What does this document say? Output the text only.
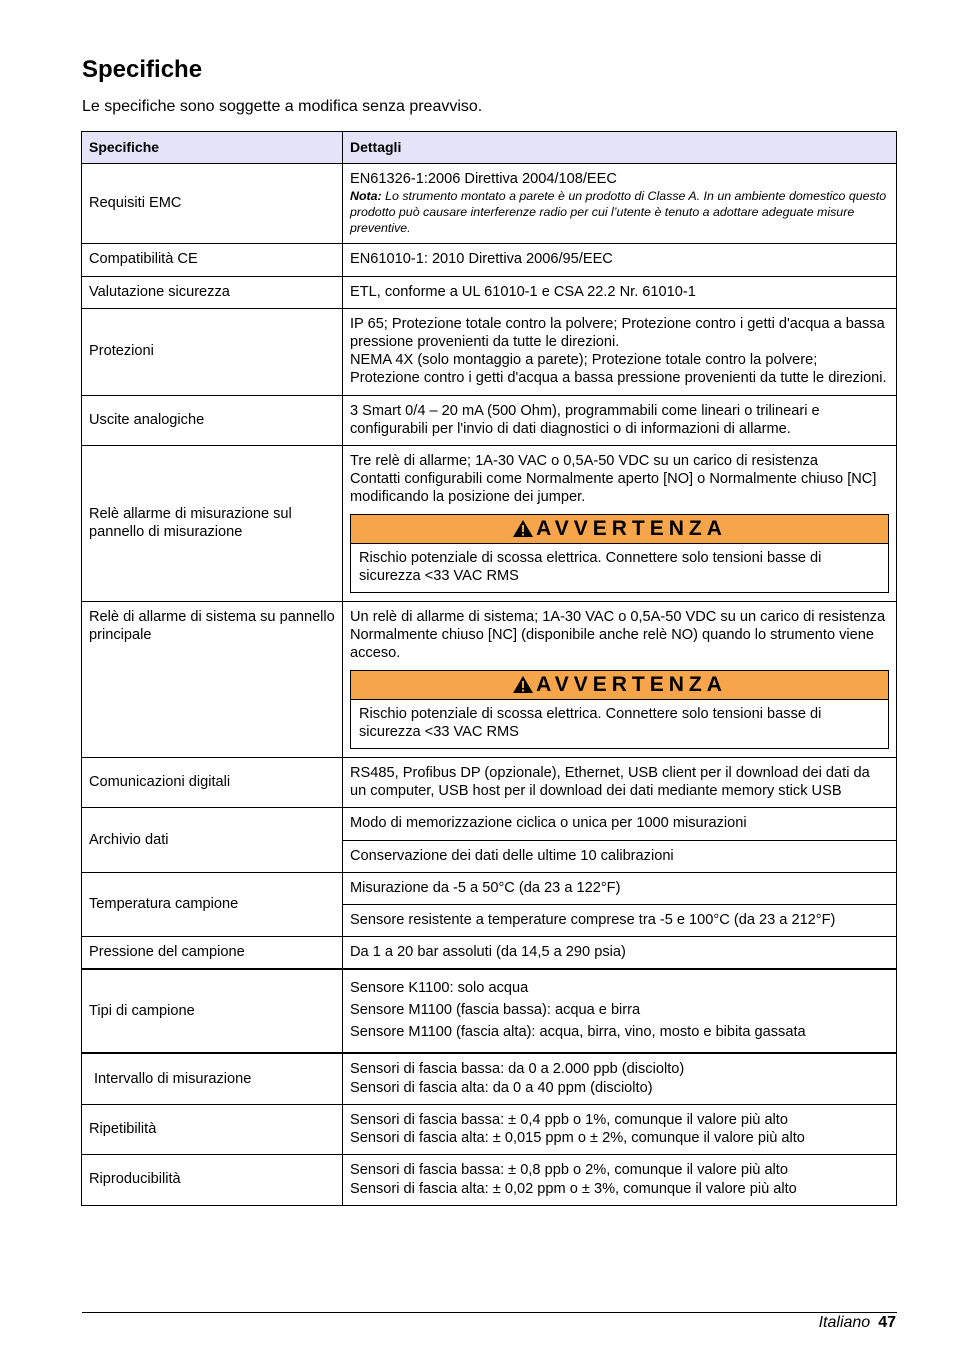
Specifiche
Le specifiche sono soggette a modifica senza preavviso.
Specifiche	Dettagli
Requisiti EMC	EN61326-1:2006 Direttiva 2004/108/EEC
Nota: Lo strumento montato a parete è un prodotto di Classe A. In un ambiente domestico questo prodotto può causare interferenze radio per cui l’utente è tenuto a adottare adeguate misure preventive.

Compatibilità CE	EN61010-1: 2010 Direttiva 2006/95/EEC
Valutazione sicurezza	ETL, conforme a UL 61010-1 e CSA 22.2 Nr. 61010-1
Protezioni	IP 65; Protezione totale contro la polvere; Protezione contro i getti d'acqua a bassa pressione provenienti da tutte le direzioni.
NEMA 4X (solo montaggio a parete); Protezione totale contro la polvere; Protezione contro i getti d'acqua a bassa pressione provenienti da tutte le direzioni.

Uscite analogiche	3 Smart 0/4 – 20 mA (500 Ohm), programmabili come lineari o trilineari e configurabili per l'invio di dati diagnostici o di informazioni di allarme.
Relè allarme di misurazione sul pannello di misurazione	Tre relè di allarme; 1A-30 VAC o 0,5A-50 VDC su un carico di resistenza
Contatti configurabili come Normalmente aperto [NO] o Normalmente chiuso [NC] modificando la posizione dei jumper.
AVVERTENZA
Rischio potenziale di scossa elettrica. Connettere solo tensioni basse di sicurezza <33 VAC RMS

Relè di allarme di sistema su pannello principale	Un relè di allarme di sistema; 1A-30 VAC o 0,5A-50 VDC su un carico di resistenza
Normalmente chiuso [NC] (disponibile anche relè NO) quando lo strumento viene acceso.
AVVERTENZA
Rischio potenziale di scossa elettrica. Connettere solo tensioni basse di sicurezza <33 VAC RMS

Comunicazioni digitali	RS485, Profibus DP (opzionale), Ethernet, USB client per il download dei dati da un computer, USB host per il download dei dati mediante memory stick USB
Archivio dati	Modo di memorizzazione ciclica o unica per 1000 misurazioni
	Conservazione dei dati delle ultime 10 calibrazioni
Temperatura campione	Misurazione da -5 a 50°C (da 23 a 122°F)
	Sensore resistente a temperature comprese tra -5 e 100°C (da 23 a 212°F)
Pressione del campione	Da 1 a 20 bar assoluti (da 14,5 a 290 psia)
Tipi di campione	Sensore K1100: solo acqua
Sensore M1100 (fascia bassa): acqua e birra
Sensore M1100 (fascia alta): acqua, birra, vino, mosto e bibita gassata

Intervallo di misurazione	Sensori di fascia bassa: da 0 a 2.000 ppb (disciolto)
Sensori di fascia alta: da 0 a 40 ppm (disciolto)

Ripetibilità	Sensori di fascia bassa: ± 0,4 ppb o 1%, comunque il valore più alto
Sensori di fascia alta: ± 0,015 ppm o ± 2%, comunque il valore più alto

Riproducibilità	Sensori di fascia bassa: ± 0,8 ppb o 2%, comunque il valore più alto
Sensori di fascia alta: ± 0,02 ppm o ± 3%, comunque il valore più alto
Italiano 47
